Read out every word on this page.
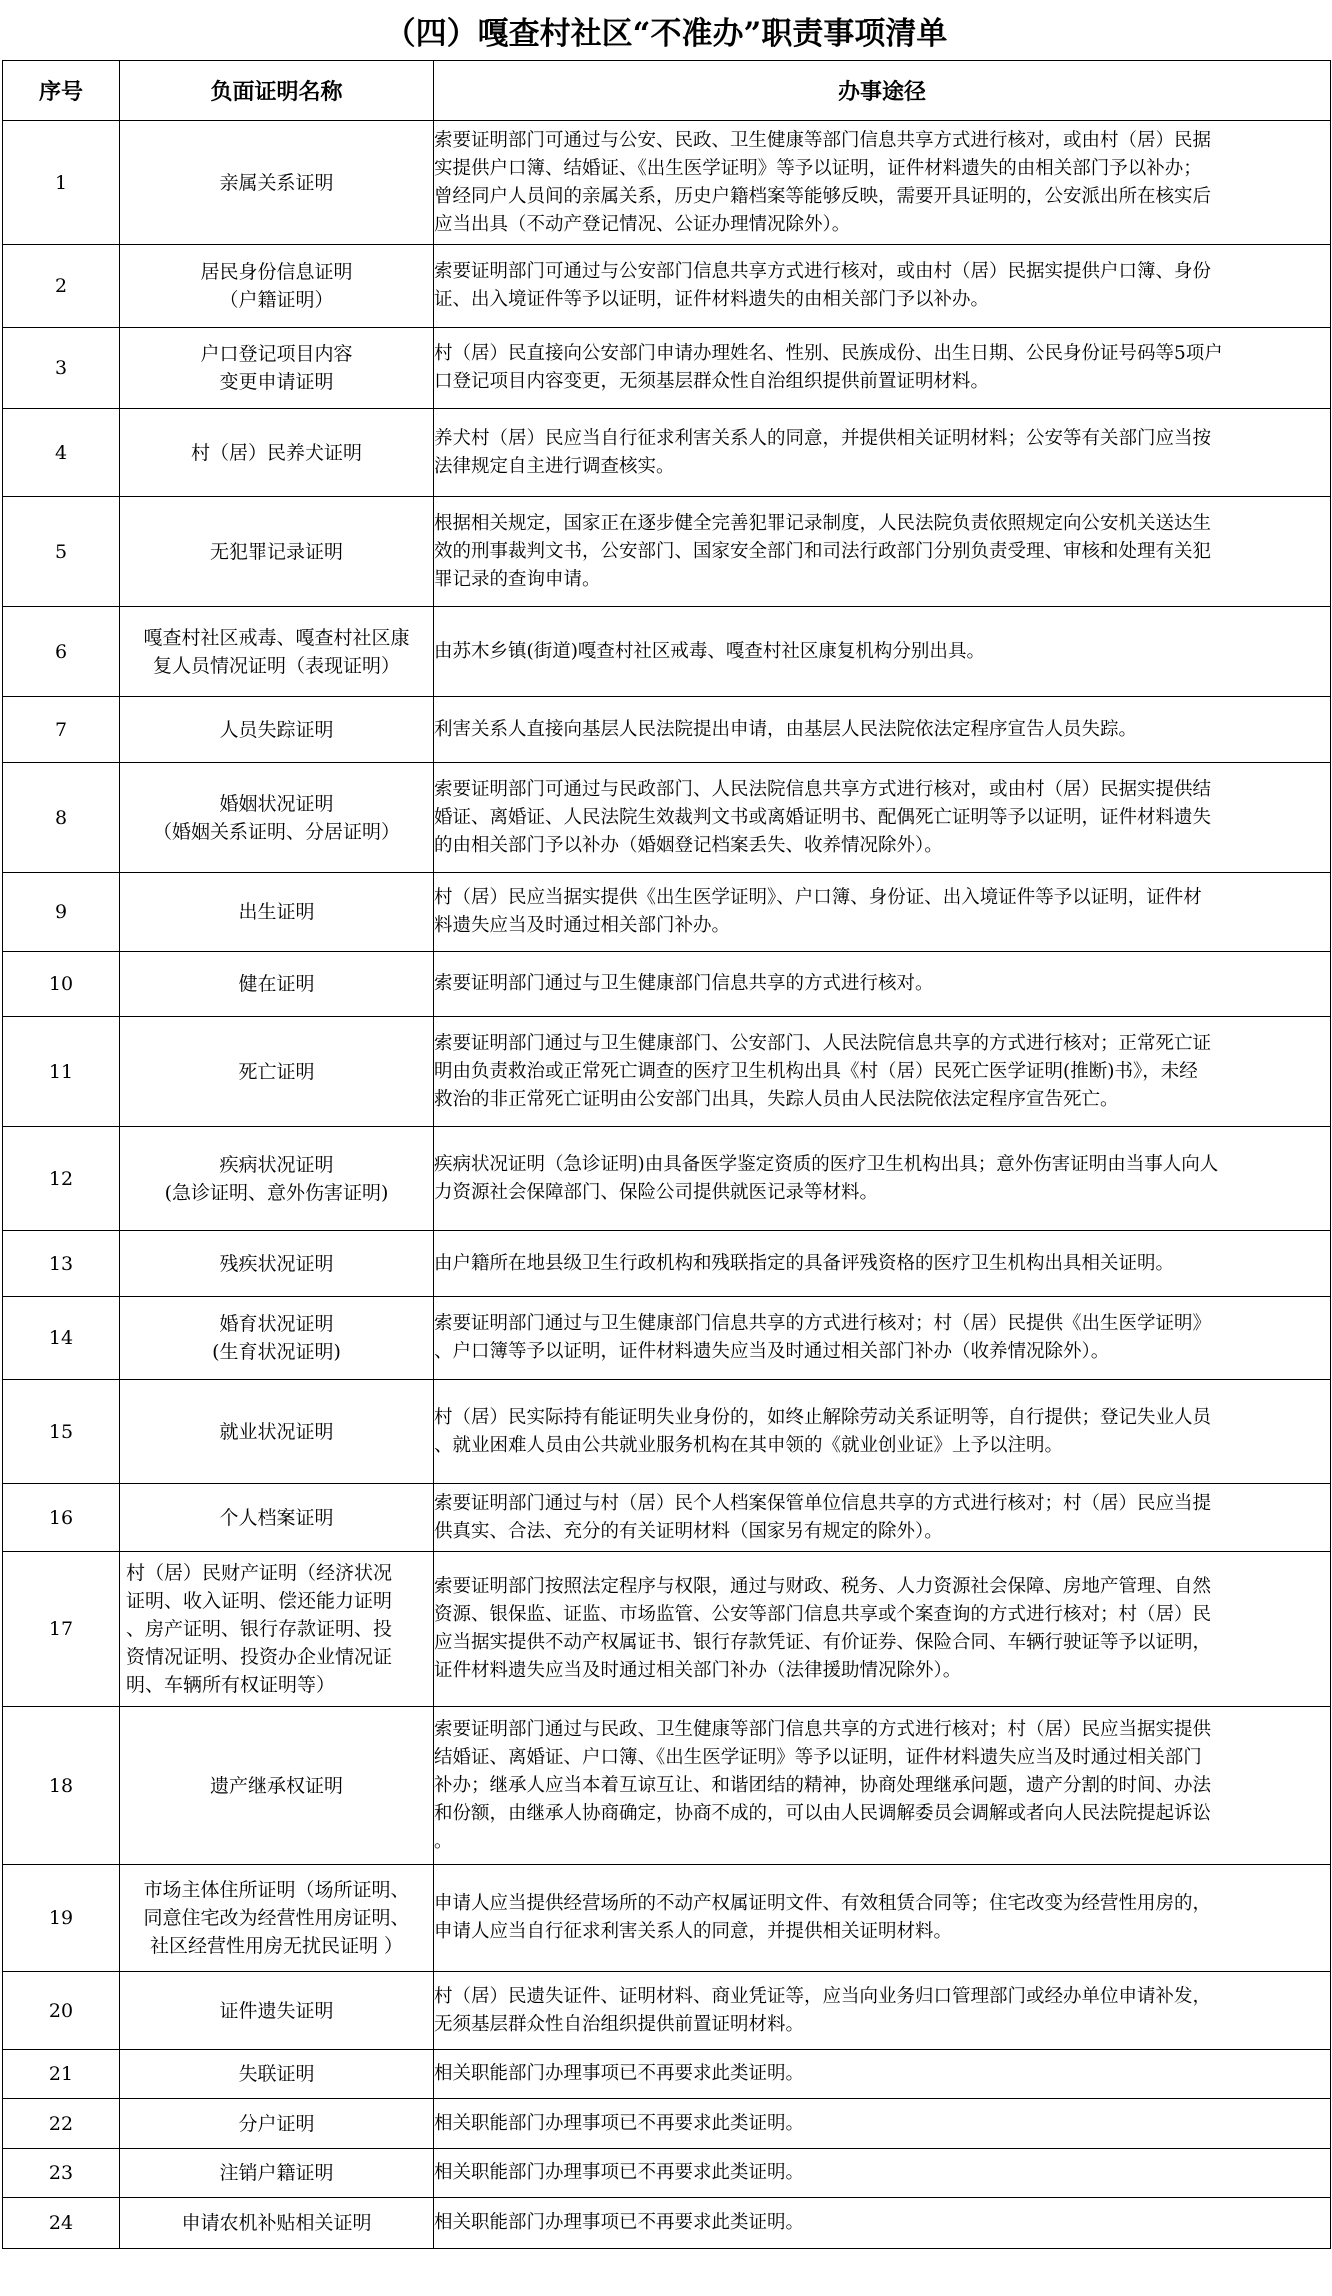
（四）嘎查村社区“不准办”职责事项清单
序号	负面证明名称	办事途径
1	亲属关系证明	索要证明部门可通过与公安、民政、卫生健康等部门信息共享方式进行核对，或由村（居）民据
实提供户口簿、结婚证、《出生医学证明》等予以证明，证件材料遗失的由相关部门予以补办；
曾经同户人员间的亲属关系，历史户籍档案等能够反映，需要开具证明的，公安派出所在核实后
应当出具（不动产登记情况、公证办理情况除外）。

2	居民身份信息证明
（户籍证明）	索要证明部门可通过与公安部门信息共享方式进行核对，或由村（居）民据实提供户口簿、身份
证、出入境证件等予以证明，证件材料遗失的由相关部门予以补办。

3	户口登记项目内容
变更申请证明	村（居）民直接向公安部门申请办理姓名、性别、民族成份、出生日期、公民身份证号码等5项户
口登记项目内容变更，无须基层群众性自治组织提供前置证明材料。

4	村（居）民养犬证明	养犬村（居）民应当自行征求利害关系人的同意，并提供相关证明材料；公安等有关部门应当按
法律规定自主进行调查核实。

5	无犯罪记录证明	根据相关规定，国家正在逐步健全完善犯罪记录制度，人民法院负责依照规定向公安机关送达生
效的刑事裁判文书，公安部门、国家安全部门和司法行政部门分别负责受理、审核和处理有关犯
罪记录的查询申请。

6	嘎查村社区戒毒、嘎查村社区康
复人员情况证明（表现证明）	由苏木乡镇(街道)嘎查村社区戒毒、嘎查村社区康复机构分别出具。

7	人员失踪证明	利害关系人直接向基层人民法院提出申请，由基层人民法院依法定程序宣告人员失踪。

8	婚姻状况证明
（婚姻关系证明、分居证明）	索要证明部门可通过与民政部门、人民法院信息共享方式进行核对，或由村（居）民据实提供结
婚证、离婚证、人民法院生效裁判文书或离婚证明书、配偶死亡证明等予以证明，证件材料遗失
的由相关部门予以补办（婚姻登记档案丢失、收养情况除外）。

9	出生证明	村（居）民应当据实提供《出生医学证明》、户口簿、身份证、出入境证件等予以证明，证件材
料遗失应当及时通过相关部门补办。

10	健在证明	索要证明部门通过与卫生健康部门信息共享的方式进行核对。

11	死亡证明	索要证明部门通过与卫生健康部门、公安部门、人民法院信息共享的方式进行核对；正常死亡证
明由负责救治或正常死亡调查的医疗卫生机构出具《村（居）民死亡医学证明(推断)书》，未经
救治的非正常死亡证明由公安部门出具，失踪人员由人民法院依法定程序宣告死亡。

12	疾病状况证明
(急诊证明、意外伤害证明)	疾病状况证明（急诊证明)由具备医学鉴定资质的医疗卫生机构出具；意外伤害证明由当事人向人
力资源社会保障部门、保险公司提供就医记录等材料。

13	残疾状况证明	由户籍所在地县级卫生行政机构和残联指定的具备评残资格的医疗卫生机构出具相关证明。

14	婚育状况证明
(生育状况证明)	索要证明部门通过与卫生健康部门信息共享的方式进行核对；村（居）民提供《出生医学证明》
、户口簿等予以证明，证件材料遗失应当及时通过相关部门补办（收养情况除外）。

15	就业状况证明	村（居）民实际持有能证明失业身份的，如终止解除劳动关系证明等，自行提供；登记失业人员
、就业困难人员由公共就业服务机构在其申领的《就业创业证》上予以注明。

16	个人档案证明	索要证明部门通过与村（居）民个人档案保管单位信息共享的方式进行核对；村（居）民应当提
供真实、合法、充分的有关证明材料（国家另有规定的除外）。

17	村（居）民财产证明（经济状况
证明、收入证明、偿还能力证明
、房产证明、银行存款证明、投
资情况证明、投资办企业情况证
明、车辆所有权证明等）	索要证明部门按照法定程序与权限，通过与财政、税务、人力资源社会保障、房地产管理、自然
资源、银保监、证监、市场监管、公安等部门信息共享或个案查询的方式进行核对；村（居）民
应当据实提供不动产权属证书、银行存款凭证、有价证券、保险合同、车辆行驶证等予以证明，
证件材料遗失应当及时通过相关部门补办（法律援助情况除外）。

18	遗产继承权证明	索要证明部门通过与民政、卫生健康等部门信息共享的方式进行核对；村（居）民应当据实提供
结婚证、离婚证、户口簿、《出生医学证明》等予以证明，证件材料遗失应当及时通过相关部门
补办；继承人应当本着互谅互让、和谐团结的精神，协商处理继承问题，遗产分割的时间、办法
和份额，由继承人协商确定，协商不成的，可以由人民调解委员会调解或者向人民法院提起诉讼
。

19	市场主体住所证明（场所证明、
同意住宅改为经营性用房证明、
社区经营性用房无扰民证明 ）	申请人应当提供经营场所的不动产权属证明文件、有效租赁合同等；住宅改变为经营性用房的，
申请人应当自行征求利害关系人的同意，并提供相关证明材料。

20	证件遗失证明	村（居）民遗失证件、证明材料、商业凭证等，应当向业务归口管理部门或经办单位申请补发，
无须基层群众性自治组织提供前置证明材料。

21	失联证明	相关职能部门办理事项已不再要求此类证明。

22	分户证明	相关职能部门办理事项已不再要求此类证明。

23	注销户籍证明	相关职能部门办理事项已不再要求此类证明。

24	申请农机补贴相关证明	相关职能部门办理事项已不再要求此类证明。
